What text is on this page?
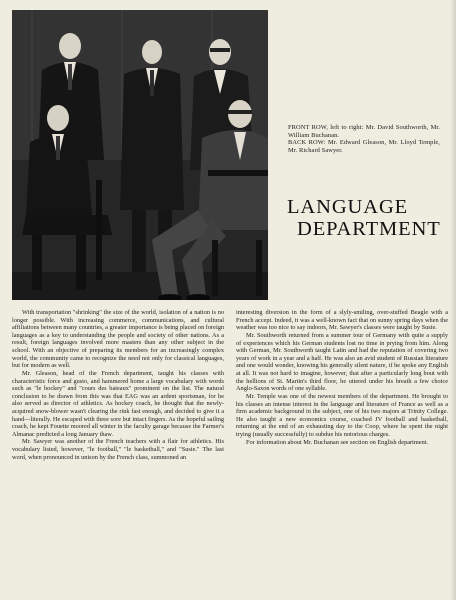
FRONT ROW, left to right: Mr. David Southworth, Mr. William Buchanan.

BACK ROW: Mr. Edward Gleason, Mr. Lloyd Temple, Mr. Richard Sawyer.

LANGUAGE
DEPARTMENT

With transportation "shrinking" the size of the world, isolation of a nation is no longer possible. With increasing commerce, communications, and cultural affiliations between many countries, a greater importance is being placed on foreign languages as a key to understanding the people and society of other nations. As a result, foreign languages involved more masters than any other subject in the school. With an objective of preparing its members for an increasingly complex world, the community came to recognize the need not only for classical languages, but for modern as well.

Mr. Gleason, head of the French department, taught his classes with characteristic force and gusto, and hammered home a large vocabulary with words such as "le hockey" and "cours des bateaux" prominent on the list. The natural conclusion to be drawn from this was that EAG was an ardent sportsman, for he also served as director of athletics. As hockey coach, he thought that the newly-acquired snow-blower wasn't clearing the rink fast enough, and decided to give it a hand—literally. He escaped with three sore but intact fingers. As the hopeful sailing coach, he kept Fouette moored all winter in the faculty garage because the Farmer's Almanac predicted a long January thaw.

Mr. Sawyer was another of the French teachers with a flair for athletics. His vocabulary listed, however, "le football," "le basketball," and "Susie." The last word, when pronounced in unison by the French class, summoned an

interesting diversion in the form of a slyly-smiling, over-stuffed Beagle with a French accept. Indeed, it was a well-known fact that on sunny spring days when the weather was too nice to say indoors, Mr. Sawyer's classes were taught by Susie.

Mr. Southworth returned from a summer tour of Germany with quite a supply of experiences which his German students lost no time in prying from him. Along with German, Mr. Southworth taught Latin and had the reputation of covering two years of work in a year and a half. He was also an avid student of Russian literature and one would wonder, knowing his generally silent nature, if he spoke any English at all. It was not hard to imagine, however, that after a particularly long bout with the hellions of St. Martin's third floor, he uttered under his breath a few choice Anglo-Saxon words of one syllable.

Mr. Temple was one of the newest members of the department. He brought to his classes an intense interest in the language and literature of France as well as a firm academic background in the subject, one of his two majors at Trinity College. He also taught a new economics course, coached JV football and basketball, returning at the end of an exhausting day to the Coop, where he spent the night trying (usually successfully) to subdue his notorious charges.

For information about Mr. Buchanan see section on English department.
